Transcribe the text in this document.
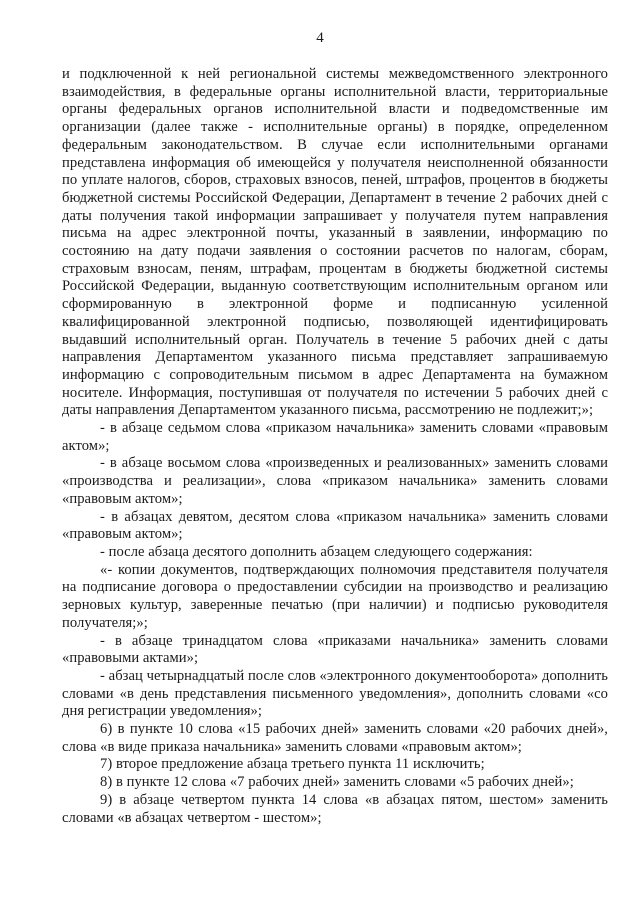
4

и подключенной к ней региональной системы межведомственного электронного взаимодействия, в федеральные органы исполнительной власти, территориальные органы федеральных органов исполнительной власти и подведомственные им организации (далее также - исполнительные органы) в порядке, определенном федеральным законодательством. В случае если исполнительными органами представлена информация об имеющейся у получателя неисполненной обязанности по уплате налогов, сборов, страховых взносов, пеней, штрафов, процентов в бюджеты бюджетной системы Российской Федерации, Департамент в течение 2 рабочих дней с даты получения такой информации запрашивает у получателя путем направления письма на адрес электронной почты, указанный в заявлении, информацию по состоянию на дату подачи заявления о состоянии расчетов по налогам, сборам, страховым взносам, пеням, штрафам, процентам в бюджеты бюджетной системы Российской Федерации, выданную соответствующим исполнительным органом или сформированную в электронной форме и подписанную усиленной квалифицированной электронной подписью, позволяющей идентифицировать выдавший исполнительный орган. Получатель в течение 5 рабочих дней с даты направления Департаментом указанного письма представляет запрашиваемую информацию с сопроводительным письмом в адрес Департамента на бумажном носителе. Информация, поступившая от получателя по истечении 5 рабочих дней с даты направления Департаментом указанного письма, рассмотрению не подлежит;»;

- в абзаце седьмом слова «приказом начальника» заменить словами «правовым актом»;

- в абзаце восьмом слова «произведенных и реализованных» заменить словами «производства и реализации», слова «приказом начальника» заменить словами «правовым актом»;

- в абзацах девятом, десятом слова «приказом начальника» заменить словами «правовым актом»;

- после абзаца десятого дополнить абзацем следующего содержания:

«- копии документов, подтверждающих полномочия представителя получателя на подписание договора о предоставлении субсидии на производство и реализацию зерновых культур, заверенные печатью (при наличии) и подписью руководителя получателя;»;

- в абзаце тринадцатом слова «приказами начальника» заменить словами «правовыми актами»;

- абзац четырнадцатый после слов «электронного документооборота» дополнить словами «в день представления письменного уведомления», дополнить словами «со дня регистрации уведомления»;

6) в пункте 10 слова «15 рабочих дней» заменить словами «20 рабочих дней», слова «в виде приказа начальника» заменить словами «правовым актом»;

7) второе предложение абзаца третьего пункта 11 исключить;

8) в пункте 12 слова «7 рабочих дней» заменить словами «5 рабочих дней»;

9) в абзаце четвертом пункта 14 слова «в абзацах пятом, шестом» заменить словами «в абзацах четвертом - шестом»;
